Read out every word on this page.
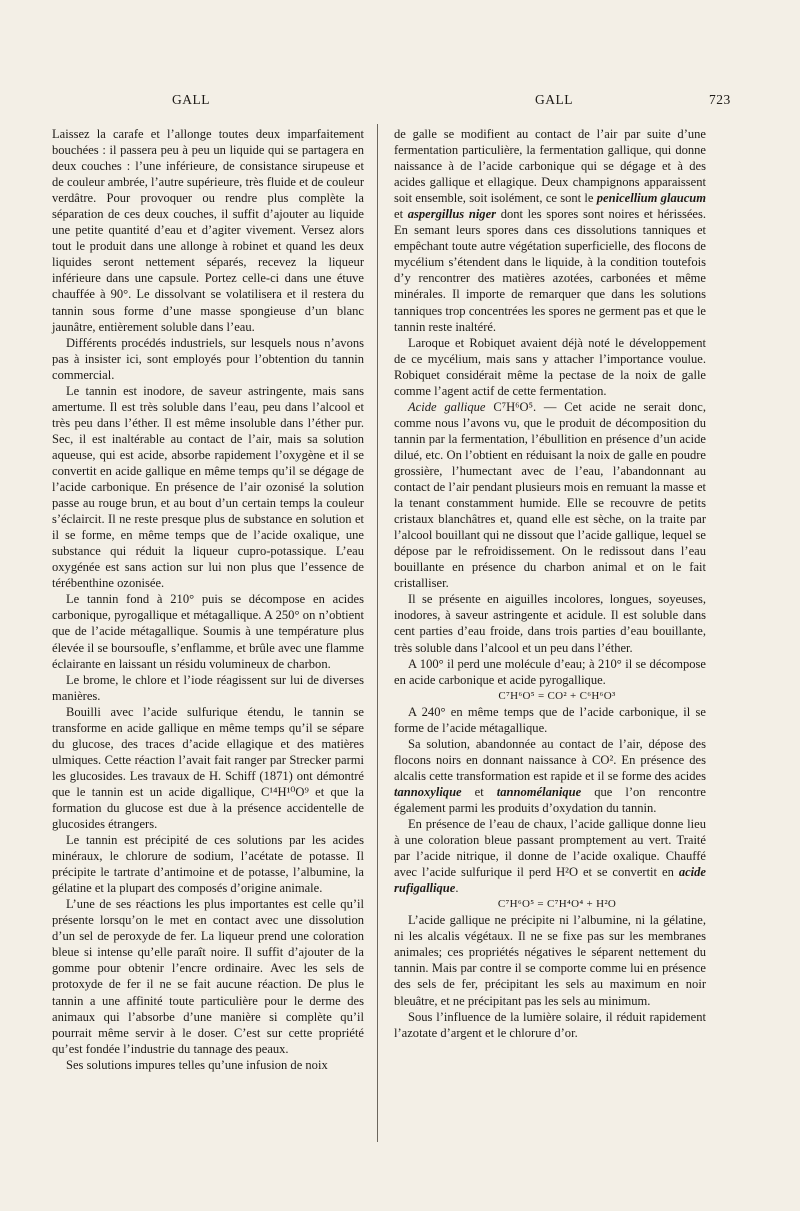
GALL	GALL	723

Laissez la carafe et l’allonge toutes deux imparfaitement bouchées : il passera peu à peu un liquide qui se partagera en deux couches : l’une inférieure, de consistance sirupeuse et de couleur ambrée, l’autre supérieure, très fluide et de couleur verdâtre. Pour provoquer ou rendre plus complète la séparation de ces deux couches, il suffit d’ajouter au liquide une petite quantité d’eau et d’agiter vivement. Versez alors tout le produit dans une allonge à robinet et quand les deux liquides seront nettement séparés, recevez la liqueur inférieure dans une capsule. Portez celle-ci dans une étuve chauffée à 90°. Le dissolvant se volatilisera et il restera du tannin sous forme d’une masse spongieuse d’un blanc jaunâtre, entièrement soluble dans l’eau.

Différents procédés industriels, sur lesquels nous n’avons pas à insister ici, sont employés pour l’obtention du tannin commercial.

Le tannin est inodore, de saveur astringente, mais sans amertume. Il est très soluble dans l’eau, peu dans l’alcool et très peu dans l’éther. Il est même insoluble dans l’éther pur. Sec, il est inaltérable au contact de l’air, mais sa solution aqueuse, qui est acide, absorbe rapidement l’oxygène et il se convertit en acide gallique en même temps qu’il se dégage de l’acide carbonique. En présence de l’air ozonisé la solution passe au rouge brun, et au bout d’un certain temps la couleur s’éclaircit. Il ne reste presque plus de substance en solution et il se forme, en même temps que de l’acide oxalique, une substance qui réduit la liqueur cupro-potassique. L’eau oxygénée est sans action sur lui non plus que l’essence de térébenthine ozonisée.

Le tannin fond à 210° puis se décompose en acides carbonique, pyrogallique et métagallique. A 250° on n’obtient que de l’acide métagallique. Soumis à une température plus élevée il se boursoufle, s’enflamme, et brûle avec une flamme éclairante en laissant un résidu volumineux de charbon.

Le brome, le chlore et l’iode réagissent sur lui de diverses manières.

Bouilli avec l’acide sulfurique étendu, le tannin se transforme en acide gallique en même temps qu’il se sépare du glucose, des traces d’acide ellagique et des matières ulmiques. Cette réaction l’avait fait ranger par Strecker parmi les glucosides. Les travaux de H. Schiff (1871) ont démontré que le tannin est un acide digallique, C¹⁴H¹⁰O⁹ et que la formation du glucose est due à la présence accidentelle de glucosides étrangers.

Le tannin est précipité de ces solutions par les acides minéraux, le chlorure de sodium, l’acétate de potasse. Il précipite le tartrate d’antimoine et de potasse, l’albumine, la gélatine et la plupart des composés d’origine animale.

L’une de ses réactions les plus importantes est celle qu’il présente lorsqu’on le met en contact avec une dissolution d’un sel de peroxyde de fer. La liqueur prend une coloration bleue si intense qu’elle paraît noire. Il suffit d’ajouter de la gomme pour obtenir l’encre ordinaire. Avec les sels de protoxyde de fer il ne se fait aucune réaction. De plus le tannin a une affinité toute particulière pour le derme des animaux qui l’absorbe d’une manière si complète qu’il pourrait même servir à le doser. C’est sur cette propriété qu’est fondée l’industrie du tannage des peaux.

Ses solutions impures telles qu’une infusion de noix

de galle se modifient au contact de l’air par suite d’une fermentation particulière, la fermentation gallique, qui donne naissance à de l’acide carbonique qui se dégage et à des acides gallique et ellagique. Deux champignons apparaissent soit ensemble, soit isolément, ce sont le penicellium glaucum et aspergillus niger dont les spores sont noires et hérissées. En semant leurs spores dans ces dissolutions tanniques et empêchant toute autre végétation superficielle, des flocons de mycélium s’étendent dans le liquide, à la condition toutefois d’y rencontrer des matières azotées, carbonées et même minérales. Il importe de remarquer que dans les solutions tanniques trop concentrées les spores ne germent pas et que le tannin reste inaltéré.

Laroque et Robiquet avaient déjà noté le développement de ce mycélium, mais sans y attacher l’importance voulue. Robiquet considérait même la pectase de la noix de galle comme l’agent actif de cette fermentation.

Acide gallique C⁷H⁶O⁵. — Cet acide ne serait donc, comme nous l’avons vu, que le produit de décomposition du tannin par la fermentation, l’ébullition en présence d’un acide dilué, etc. On l’obtient en réduisant la noix de galle en poudre grossière, l’humectant avec de l’eau, l’abandonnant au contact de l’air pendant plusieurs mois en remuant la masse et la tenant constamment humide. Elle se recouvre de petits cristaux blanchâtres et, quand elle est sèche, on la traite par l’alcool bouillant qui ne dissout que l’acide gallique, lequel se dépose par le refroidissement. On le redissout dans l’eau bouillante en présence du charbon animal et on le fait cristalliser.

Il se présente en aiguilles incolores, longues, soyeuses, inodores, à saveur astringente et acidule. Il est soluble dans cent parties d’eau froide, dans trois parties d’eau bouillante, très soluble dans l’alcool et un peu dans l’éther.

A 100° il perd une molécule d’eau; à 210° il se décompose en acide carbonique et acide pyrogallique.

C⁷H⁶O⁵ = CO² + C⁶H⁶O³

A 240° en même temps que de l’acide carbonique, il se forme de l’acide métagallique.

Sa solution, abandonnée au contact de l’air, dépose des flocons noirs en donnant naissance à CO². En présence des alcalis cette transformation est rapide et il se forme des acides tannoxylique et tannomélanique que l’on rencontre également parmi les produits d’oxydation du tannin.

En présence de l’eau de chaux, l’acide gallique donne lieu à une coloration bleue passant promptement au vert. Traité par l’acide nitrique, il donne de l’acide oxalique. Chauffé avec l’acide sulfurique il perd H²O et se convertit en acide rufigallique.

C⁷H⁶O⁵ = C⁷H⁴O⁴ + H²O

L’acide gallique ne précipite ni l’albumine, ni la gélatine, ni les alcalis végétaux. Il ne se fixe pas sur les membranes animales; ces propriétés négatives le séparent nettement du tannin. Mais par contre il se comporte comme lui en présence des sels de fer, précipitant les sels au maximum en noir bleuâtre, et ne précipitant pas les sels au minimum.

Sous l’influence de la lumière solaire, il réduit rapidement l’azotate d’argent et le chlorure d’or.
